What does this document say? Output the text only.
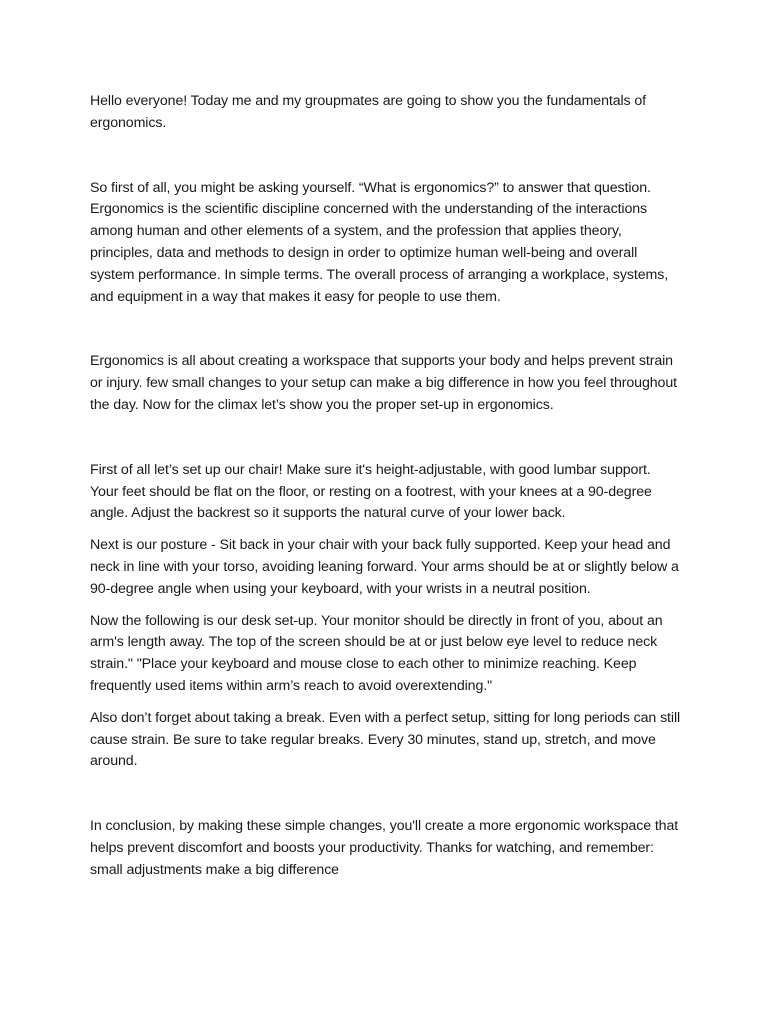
Hello everyone! Today me and my groupmates are going to show you the fundamentals of ergonomics.

So first of all, you might be asking yourself. “What is ergonomics?” to answer that question. Ergonomics is the scientific discipline concerned with the understanding of the interactions among human and other elements of a system, and the profession that applies theory, principles, data and methods to design in order to optimize human well-being and overall system performance. In simple terms. The overall process of arranging a workplace, systems, and equipment in a way that makes it easy for people to use them.

Ergonomics is all about creating a workspace that supports your body and helps prevent strain or injury. few small changes to your setup can make a big difference in how you feel throughout the day. Now for the climax let’s show you the proper set-up in ergonomics.

First of all let’s set up our chair! Make sure it's height-adjustable, with good lumbar support. Your feet should be flat on the floor, or resting on a footrest, with your knees at a 90-degree angle. Adjust the backrest so it supports the natural curve of your lower back.

Next is our posture - Sit back in your chair with your back fully supported. Keep your head and neck in line with your torso, avoiding leaning forward. Your arms should be at or slightly below a 90-degree angle when using your keyboard, with your wrists in a neutral position.

Now the following is our desk set-up. Your monitor should be directly in front of you, about an arm's length away. The top of the screen should be at or just below eye level to reduce neck strain." "Place your keyboard and mouse close to each other to minimize reaching. Keep frequently used items within arm’s reach to avoid overextending."

Also don’t forget about taking a break. Even with a perfect setup, sitting for long periods can still cause strain. Be sure to take regular breaks. Every 30 minutes, stand up, stretch, and move around.

In conclusion, by making these simple changes, you'll create a more ergonomic workspace that helps prevent discomfort and boosts your productivity. Thanks for watching, and remember: small adjustments make a big difference
